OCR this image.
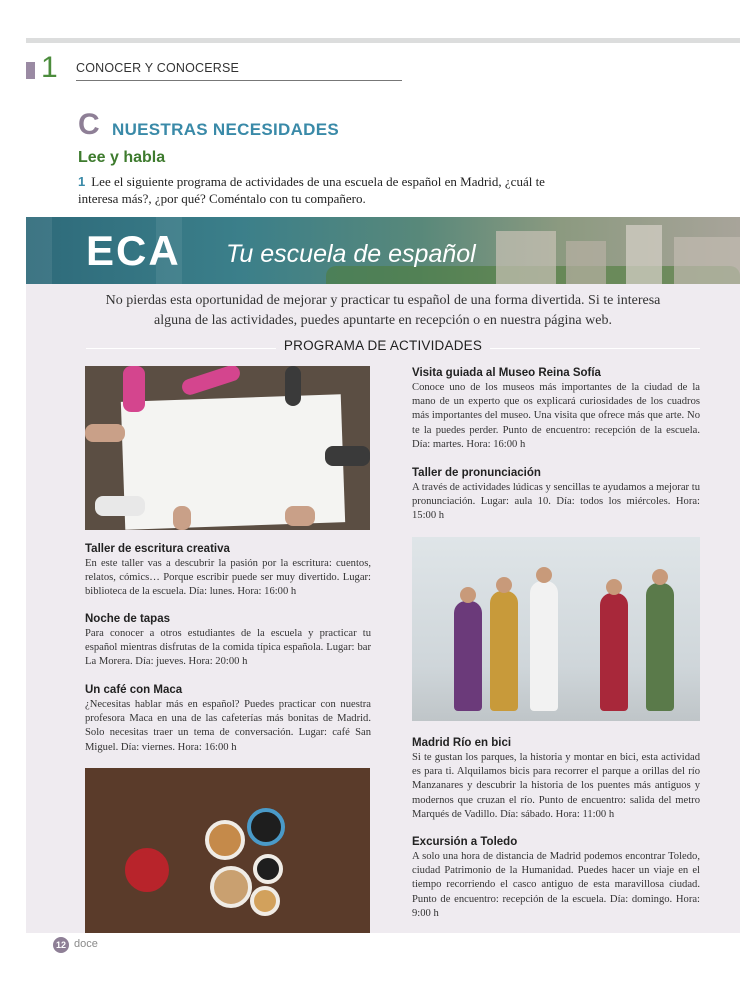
1 CONOCER Y CONOCERSE
C NUESTRAS NECESIDADES
Lee y habla
1 Lee el siguiente programa de actividades de una escuela de español en Madrid, ¿cuál te interesa más?, ¿por qué? Coméntalo con tu compañero.
ECA Tu escuela de español
No pierdas esta oportunidad de mejorar y practicar tu español de una forma divertida. Si te interesa alguna de las actividades, puedes apuntarte en recepción o en nuestra página web.
PROGRAMA DE ACTIVIDADES
Taller de escritura creativa
En este taller vas a descubrir la pasión por la escritura: cuentos, relatos, cómics… Porque escribir puede ser muy divertido. Lugar: biblioteca de la escuela. Día: lunes. Hora: 16:00 h
Noche de tapas
Para conocer a otros estudiantes de la escuela y practicar tu español mientras disfrutas de la comida típica española. Lugar: bar La Morera. Día: jueves. Hora: 20:00 h
Un café con Maca
¿Necesitas hablar más en español? Puedes practicar con nuestra profesora Maca en una de las cafeterías más bonitas de Madrid. Solo necesitas traer un tema de conversación. Lugar: café San Miguel. Día: viernes. Hora: 16:00 h
Visita guiada al Museo Reina Sofía
Conoce uno de los museos más importantes de la ciudad de la mano de un experto que os explicará curiosidades de los cuadros más importantes del museo. Una visita que ofrece más que arte. No te la puedes perder. Punto de encuentro: recepción de la escuela. Día: martes. Hora: 16:00 h
Taller de pronunciación
A través de actividades lúdicas y sencillas te ayudamos a mejorar tu pronunciación. Lugar: aula 10. Día: todos los miércoles. Hora: 15:00 h
Madrid Río en bici
Si te gustan los parques, la historia y montar en bici, esta actividad es para ti. Alquilamos bicis para recorrer el parque a orillas del río Manzanares y descubrir la historia de los puentes más antiguos y modernos que cruzan el río. Punto de encuentro: salida del metro Marqués de Vadillo. Día: sábado. Hora: 11:00 h
Excursión a Toledo
A solo una hora de distancia de Madrid podemos encontrar Toledo, ciudad Patrimonio de la Humanidad. Puedes hacer un viaje en el tiempo recorriendo el casco antiguo de esta maravillosa ciudad. Punto de encuentro: recepción de la escuela. Día: domingo. Hora: 9:00 h
12 doce
